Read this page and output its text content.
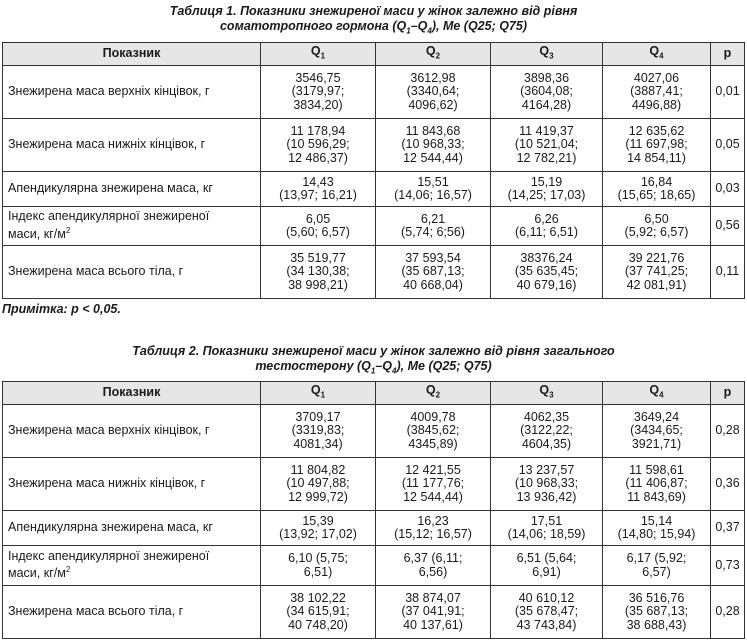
Таблиця 1. Показники знежиреної маси у жінок залежно від рівня
соматотропного гормона $(Q_1-Q_4)$, Me (Q25; Q75)
Показник	$Q_1$	$Q_2$	$Q_3$	$Q_4$	p
Знежирена маса верхніх кінцівок, г	3546,75
(3179,97;
3834,20)	3612,98
(3340,64;
4096,62)	3898,36
(3604,08;
4164,28)	4027,06
(3887,41;
4496,88)	0,01
Знежирена маса нижніх кінцівок, г	11 178,94
(10 596,29;
12 486,37)	11 843,68
(10 968,33;
12 544,44)	11 419,37
(10 521,04;
12 782,21)	12 635,62
(11 697,98;
14 854,11)	0,05
Апендикулярна знежирена маса, кг	14,43
(13,97; 16,21)	15,51
(14,06; 16,57)	15,19
(14,25; 17,03)	16,84
(15,65; 18,65)	0,03
Індекс апендикулярної знежиреної
маси, $кг/м^2$	6,05
(5,60; 6,57)	6,21
(5,74; 6;56)	6,26
(6,11; 6,51)	6,50
(5,92; 6,57)	0,56
Знежирена маса всього тіла, г	35 519,77
(34 130,38;
38 998,21)	37 593,54
(35 687,13;
40 668,04)	38376,24
(35 635,45;
40 679,16)	39 221,76
(37 741,25;
42 081,91)	0,11
Примітка: р < 0,05.
Таблиця 2. Показники знежиреної маси у жінок залежно від рівня загального
тестостерону $(Q_1-Q_4)$, Me (Q25; Q75)
Показник	$Q_1$	$Q_2$	$Q_3$	$Q_4$	p
Знежирена маса верхніх кінцівок, г	3709,17
(3319,83;
4081,34)	4009,78
(3845,62;
4345,89)	4062,35
(3122,22;
4604,35)	3649,24
(3434,65;
3921,71)	0,28
Знежирена маса нижніх кінцівок, г	11 804,82
(10 497,88;
12 999,72)	12 421,55
(11 177,76;
12 544,44)	13 237,57
(10 968,33;
13 936,42)	11 598,61
(11 406,87;
11 843,69)	0,36
Апендикулярна знежирена маса, кг	15,39
(13,92; 17,02)	16,23
(15,12; 16,57)	17,51
(14,06; 18,59)	15,14
(14,80; 15,94)	0,37
Індекс апендикулярної знежиреної
маси, $кг/м^2$	6,10 (5,75;
6,51)	6,37 (6,11;
6,56)	6,51 (5,64;
6,91)	6,17 (5,92;
6,57)	0,73
Знежирена маса всього тіла, г	38 102,22
(34 615,91;
40 748,20)	38 874,07
(37 041,91;
40 137,61)	40 610,12
(35 678,47;
43 743,84)	36 516,76
(35 687,13;
38 688,43)	0,28
